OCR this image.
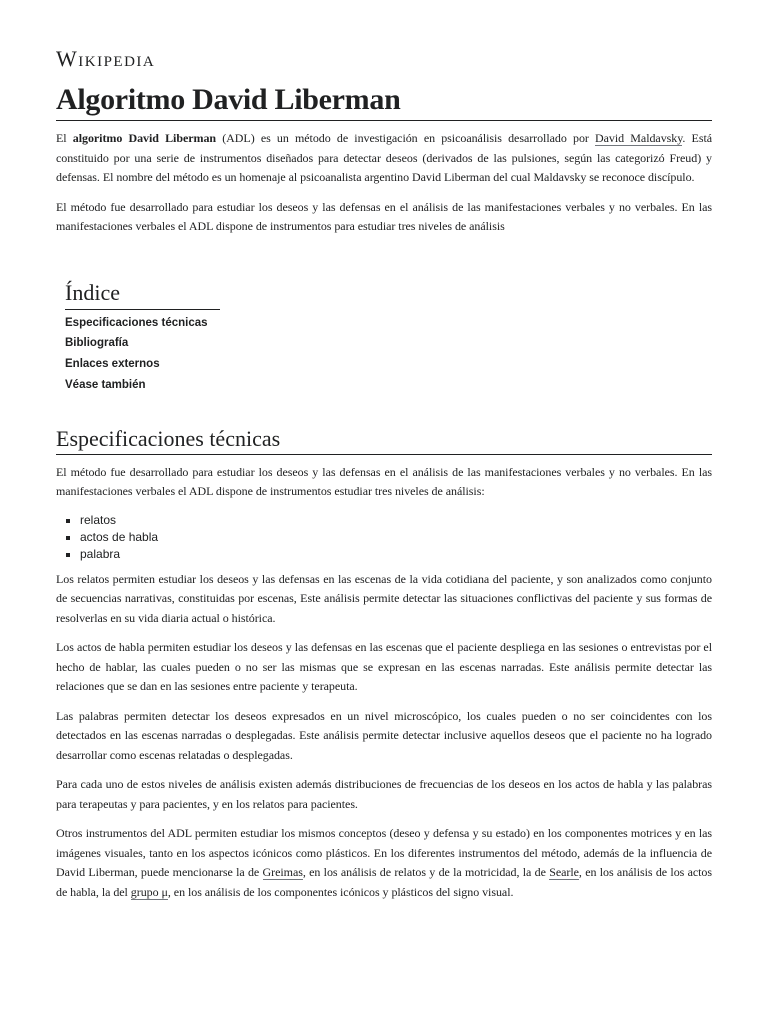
Wikipedia
Algoritmo David Liberman

El algoritmo David Liberman (ADL) es un método de investigación en psicoanálisis desarrollado por David Maldavsky. Está constituido por una serie de instrumentos diseñados para detectar deseos (derivados de las pulsiones, según las categorizó Freud) y defensas. El nombre del método es un homenaje al psicoanalista argentino David Liberman del cual Maldavsky se reconoce discípulo.

El método fue desarrollado para estudiar los deseos y las defensas en el análisis de las manifestaciones verbales y no verbales. En las manifestaciones verbales el ADL dispone de instrumentos para estudiar tres niveles de análisis

Índice
Especificaciones técnicas
Bibliografía
Enlaces externos
Véase también
Especificaciones técnicas

El método fue desarrollado para estudiar los deseos y las defensas en el análisis de las manifestaciones verbales y no verbales. En las manifestaciones verbales el ADL dispone de instrumentos estudiar tres niveles de análisis:

relatos
actos de habla
palabra

Los relatos permiten estudiar los deseos y las defensas en las escenas de la vida cotidiana del paciente, y son analizados como conjunto de secuencias narrativas, constituidas por escenas, Este análisis permite detectar las situaciones conflictivas del paciente y sus formas de resolverlas en su vida diaria actual o histórica.

Los actos de habla permiten estudiar los deseos y las defensas en las escenas que el paciente despliega en las sesiones o entrevistas por el hecho de hablar, las cuales pueden o no ser las mismas que se expresan en las escenas narradas. Este análisis permite detectar las relaciones que se dan en las sesiones entre paciente y terapeuta.

Las palabras permiten detectar los deseos expresados en un nivel microscópico, los cuales pueden o no ser coincidentes con los detectados en las escenas narradas o desplegadas. Este análisis permite detectar inclusive aquellos deseos que el paciente no ha logrado desarrollar como escenas relatadas o desplegadas.

Para cada uno de estos niveles de análisis existen además distribuciones de frecuencias de los deseos en los actos de habla y las palabras para terapeutas y para pacientes, y en los relatos para pacientes.

Otros instrumentos del ADL permiten estudiar los mismos conceptos (deseo y defensa y su estado) en los componentes motrices y en las imágenes visuales, tanto en los aspectos icónicos como plásticos. En los diferentes instrumentos del método, además de la influencia de David Liberman, puede mencionarse la de Greimas, en los análisis de relatos y de la motricidad, la de Searle, en los análisis de los actos de habla, la del grupo μ, en los análisis de los componentes icónicos y plásticos del signo visual.
